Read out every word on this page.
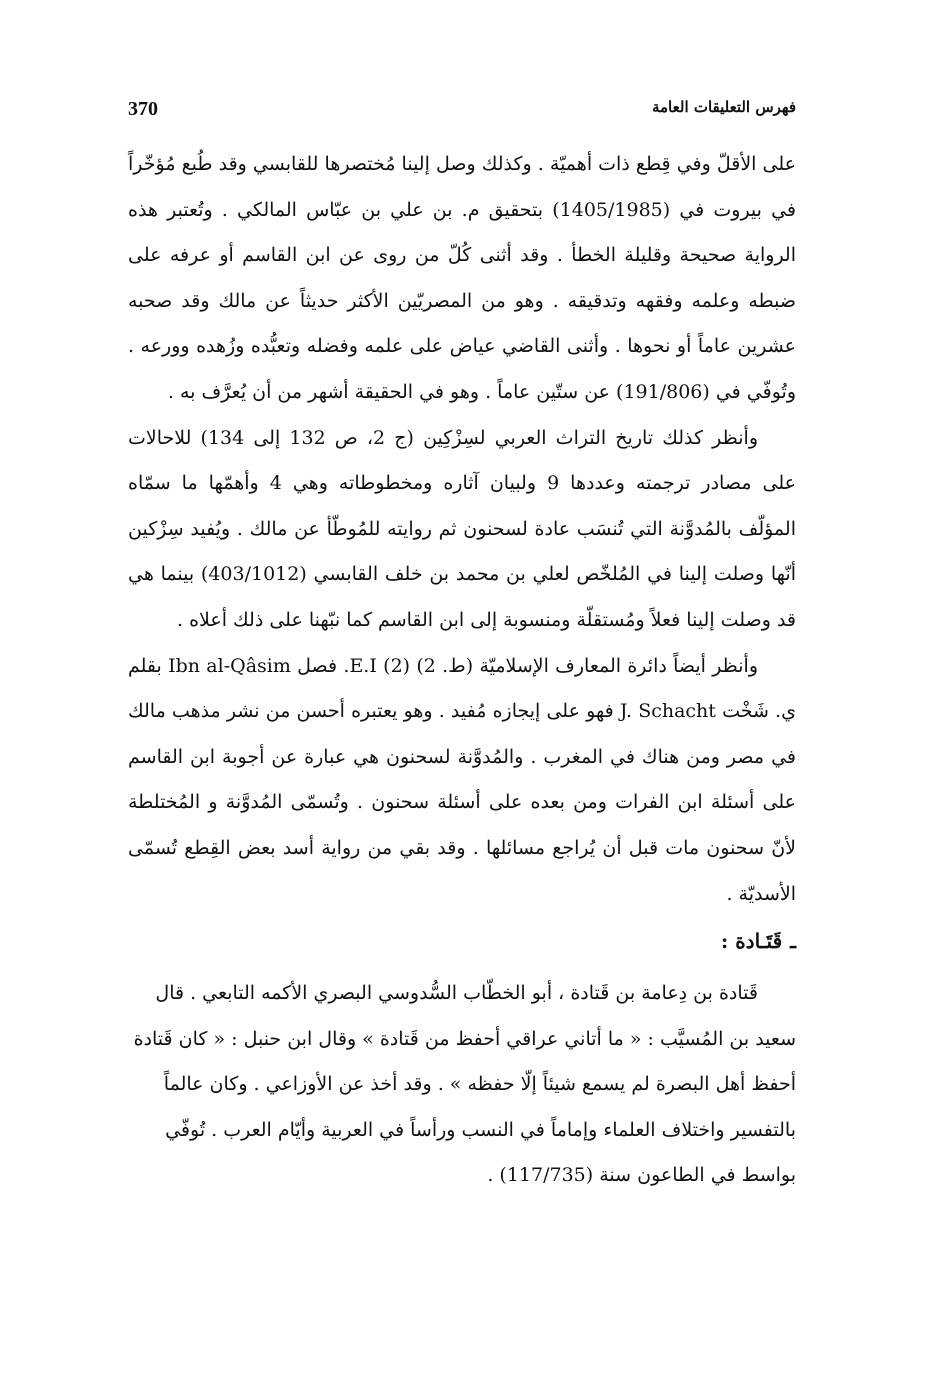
370	فهرس التعليقات العامة

على الأقلّ وفي قِطع ذات أهميّة . وكذلك وصل إلينا مُختصرها للقابسي وقد طُبع مُؤخّراً في بيروت في (1405/1985) بتحقيق م. بن علي بن عبّاس المالكي . وتُعتبر هذه الرواية صحيحة وقليلة الخطأ . وقد أثنى كُلّ من روى عن ابن القاسم أو عرفه على ضبطه وعلمه وفقهه وتدقيقه . وهو من المصريّين الأكثر حديثاً عن مالك وقد صحبه عشرين عاماً أو نحوها . وأثنى القاضي عياض على علمه وفضله وتعبُّده وزُهده وورعه . وتُوفّي في (191/806) عن ستّين عاماً . وهو في الحقيقة أشهر من أن يُعرَّف به .

وأنظر كذلك تاريخ التراث العربي لسِزْكِين (ج 2، ص 132 إلى 134) للاحالات على مصادر ترجمته وعددها 9 ولبيان آثاره ومخطوطاته وهي 4 وأهمّها ما سمّاه المؤلّف بالمُدوَّنة التي تُنسَب عادة لسحنون ثم روايته للمُوطّأ عن مالك . ويُفيد سِزْكين أنّها وصلت إلينا في المُلخّص لعلي بن محمد بن خلف القابسي (403/1012) بينما هي قد وصلت إلينا فعلاً ومُستقلّة ومنسوبة إلى ابن القاسم كما نبّهنا على ذلك أعلاه .

وأنظر أيضاً دائرة المعارف الإسلاميّة (ط. 2) (2) E.I. فصل Ibn al-Qâsim بقلم ي. شَخْت J. Schacht فهو على إيجازه مُفيد . وهو يعتبره أحسن من نشر مذهب مالك في مصر ومن هناك في المغرب . والمُدوَّنة لسحنون هي عبارة عن أجوبة ابن القاسم على أسئلة ابن الفرات ومن بعده على أسئلة سحنون . وتُسمّى المُدوَّنة و المُختلطة لأنّ سحنون مات قبل أن يُراجع مسائلها . وقد بقي من رواية أسد بعض القِطع تُسمّى الأسديّة .

ـقَتَـادة :

قَتادة بن دِعامة بن قَتادة ، أبو الخطّاب السُّدوسي البصري الأكمه التابعي . قال سعيد بن المُسيَّب : « ما أتاني عراقي أحفظ من قَتادة » وقال ابن حنبل : « كان قَتادة أحفظ أهل البصرة لم يسمع شيئاً إلّا حفظه » . وقد أخذ عن الأوزاعي . وكان عالماً بالتفسير واختلاف العلماء وإماماً في النسب ورأساً في العربية وأيّام العرب . تُوفّي بواسط في الطاعون سنة (117/735) .
